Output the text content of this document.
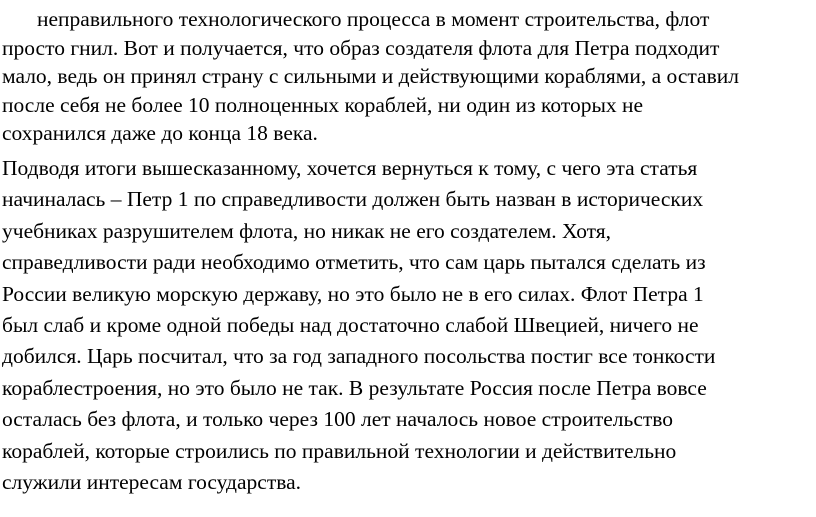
неправильного технологического процесса в момент строительства, флот
просто гнил. Вот и получается, что образ создателя флота для Петра подходит
мало, ведь он принял страну с сильными и действующими кораблями, а оставил
после себя не более 10 полноценных кораблей, ни один из которых не
сохранился даже до конца 18 века.

Подводя итоги вышесказанному, хочется вернуться к тому, с чего эта статья
начиналась – Петр 1 по справедливости должен быть назван в исторических
учебниках разрушителем флота, но никак не его создателем. Хотя,
справедливости ради необходимо отметить, что сам царь пытался сделать из
России великую морскую державу, но это было не в его силах. Флот Петра 1
был слаб и кроме одной победы над достаточно слабой Швецией, ничего не
добился. Царь посчитал, что за год западного посольства постиг все тонкости
кораблестроения, но это было не так. В результате Россия после Петра вовсе
осталась без флота, и только через 100 лет началось новое строительство
кораблей, которые строились по правильной технологии и действительно
служили интересам государства.
